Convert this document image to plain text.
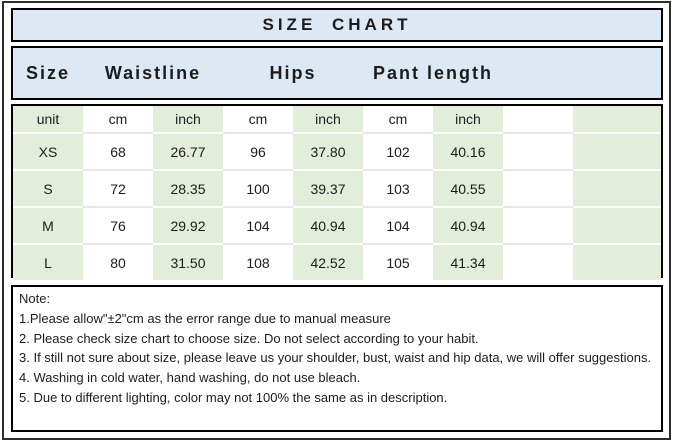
SIZE CHART
Size	Waistline	Hips	Pant length
unit	cm	inch	cm	inch	cm	inch
XS	68	26.77	96	37.80	102	40.16
S	72	28.35	100	39.37	103	40.55
M	76	29.92	104	40.94	104	40.94
L	80	31.50	108	42.52	105	41.34
Note:
1.Please allow"±2"cm as the error range due to manual measure
2. Please check size chart to choose size. Do not select according to your habit.
3. If still not sure about size, please leave us your shoulder, bust, waist and hip data, we will offer suggestions.
4. Washing in cold water, hand washing, do not use bleach.
5. Due to different lighting, color may not 100% the same as in description.
